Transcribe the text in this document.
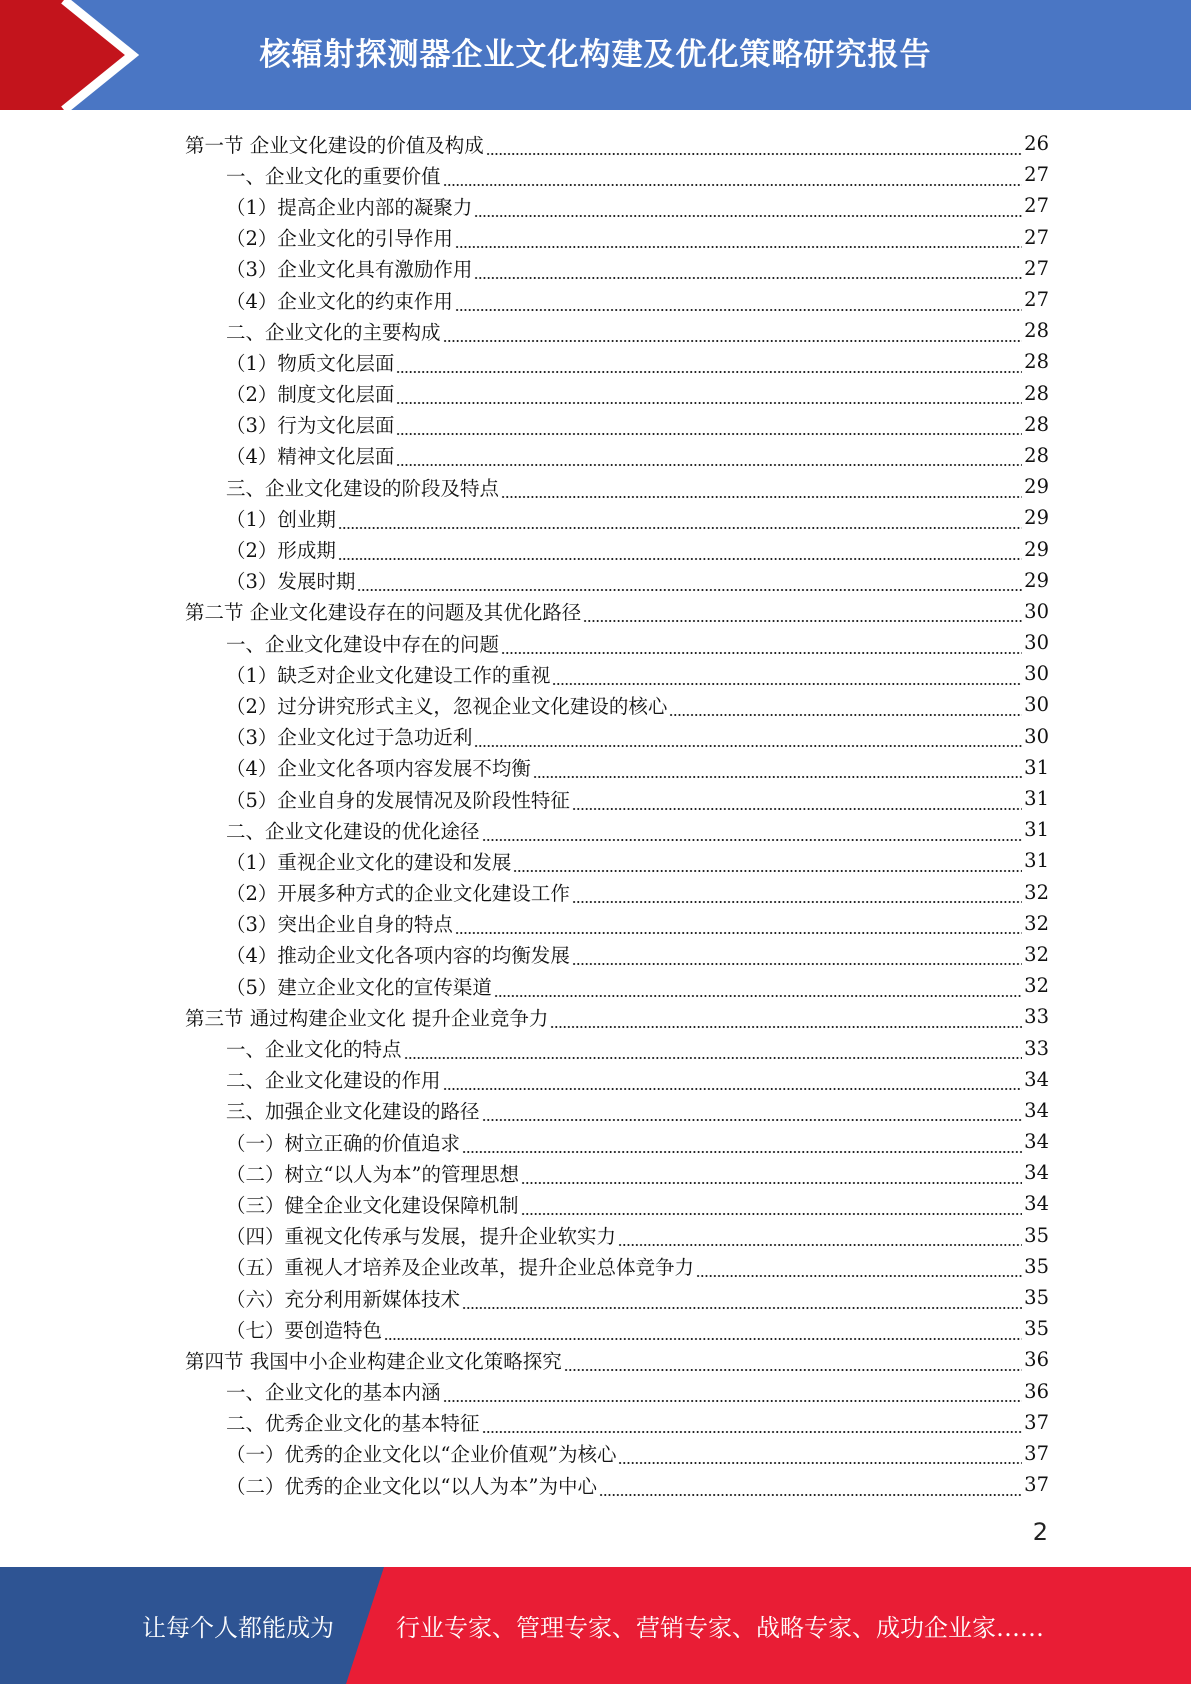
核辐射探测器企业文化构建及优化策略研究报告
第一节 企业文化建设的价值及构成	26
一、企业文化的重要价值	27
（1）提高企业内部的凝聚力	27
（2）企业文化的引导作用	27
（3）企业文化具有激励作用	27
（4）企业文化的约束作用	27
二、企业文化的主要构成	28
（1）物质文化层面	28
（2）制度文化层面	28
（3）行为文化层面	28
（4）精神文化层面	28
三、企业文化建设的阶段及特点	29
（1）创业期	29
（2）形成期	29
（3）发展时期	29
第二节 企业文化建设存在的问题及其优化路径	30
一、企业文化建设中存在的问题	30
（1）缺乏对企业文化建设工作的重视	30
（2）过分讲究形式主义，忽视企业文化建设的核心	30
（3）企业文化过于急功近利	30
（4）企业文化各项内容发展不均衡	31
（5）企业自身的发展情况及阶段性特征	31
二、企业文化建设的优化途径	31
（1）重视企业文化的建设和发展	31
（2）开展多种方式的企业文化建设工作	32
（3）突出企业自身的特点	32
（4）推动企业文化各项内容的均衡发展	32
（5）建立企业文化的宣传渠道	32
第三节 通过构建企业文化 提升企业竞争力	33
一、企业文化的特点	33
二、企业文化建设的作用	34
三、加强企业文化建设的路径	34
（一）树立正确的价值追求	34
（二）树立“以人为本”的管理思想	34
（三）健全企业文化建设保障机制	34
（四）重视文化传承与发展，提升企业软实力	35
（五）重视人才培养及企业改革，提升企业总体竞争力	35
（六）充分利用新媒体技术	35
（七）要创造特色	35
第四节 我国中小企业构建企业文化策略探究	36
一、企业文化的基本内涵	36
二、优秀企业文化的基本特征	37
（一）优秀的企业文化以“企业价值观”为核心	37
（二）优秀的企业文化以“以人为本”为中心	37
2
让每个人都能成为	行业专家、管理专家、营销专家、战略专家、成功企业家……
